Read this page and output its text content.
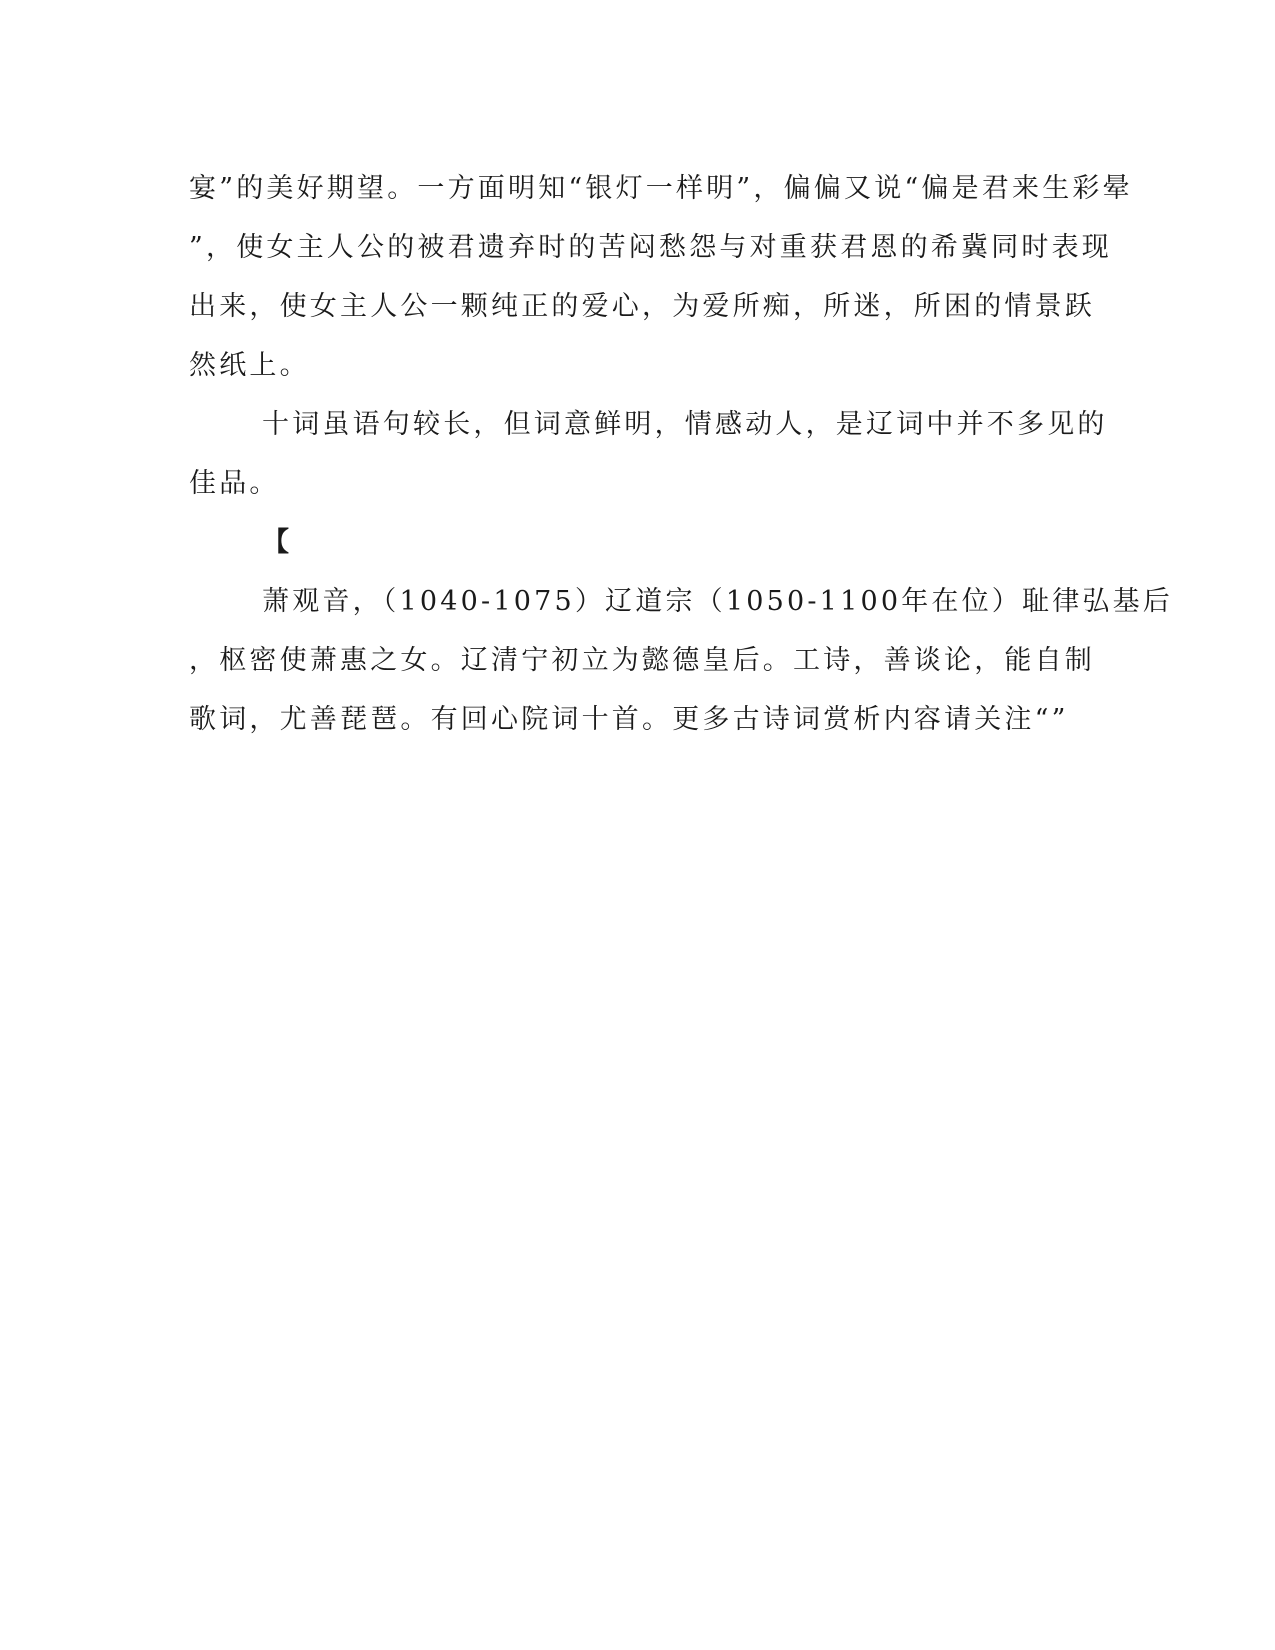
宴”的美好期望。一方面明知“银灯一样明”，偏偏又说“偏是君来生彩晕
”，使女主人公的被君遗弃时的苦闷愁怨与对重获君恩的希冀同时表现
出来，使女主人公一颗纯正的爱心，为爱所痴，所迷，所困的情景跃
然纸上。
十词虽语句较长，但词意鲜明，情感动人，是辽词中并不多见的
佳品。
【
萧观音，（1040-1075）辽道宗（1050-1100年在位）耻律弘基后
，枢密使萧惠之女。辽清宁初立为懿德皇后。工诗，善谈论，能自制
歌词，尤善琵琶。有回心院词十首。更多古诗词赏析内容请关注“”
